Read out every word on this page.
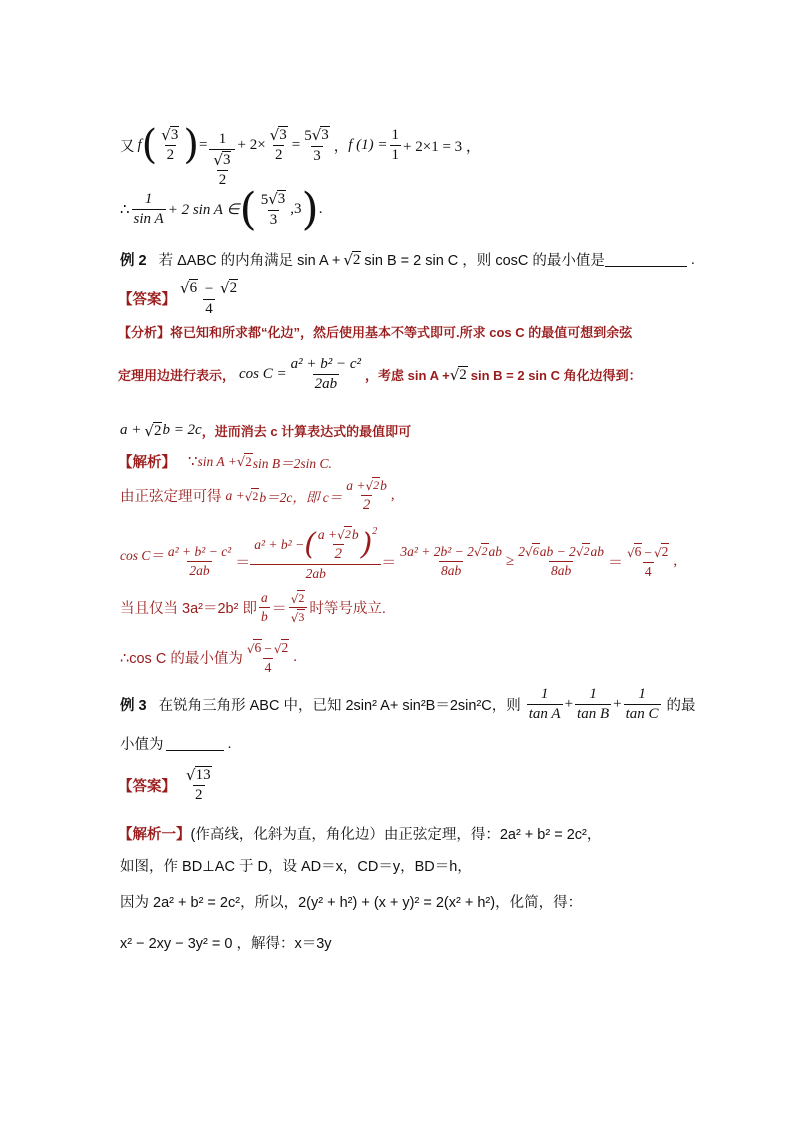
又 f ( $\frac{√ 3}{2}$ ) = $\frac{1}{\frac{√ 3}{2}} + 2\times \frac{√ 3}{2} = \frac{5 √ 3}{3}$ ， f $(1) = \frac{1}{1} + 2\times 1 = 3$ ，
∴ $\frac{1}{\text{sin A}} + 2$ sin A ∈ ( $\frac{5 √ 3}{3} ,3$ ) .
例 2 若 ΔABC 的内角满足 sin A + √ 2 sin B = 2 sin C ，则 cosC 的最小值是	.
【答案】 $\frac{√ 6 - √ 2}{4}$
【分析】 将已知和所求都“化边”，然后使用基本不等式即可.所求 cos C 的最值可想到余弦
定理用边进行表示， $\cos C = \frac{\text{a² + b² − c²}}{2ab}$ ，考虑 sin A + √ 2 sin B = 2 sin C 角化边得到：
a + √ 2 b = 2c ，进而消去 c 计算表达式的最值即可
【解析】 ∵ sin A + √ 2 sin B＝2sin C.
由正弦定理可得 a + √ 2 b＝2c，即 $c= \frac{a + √ 2 b}{2}$ ,
$\cos C= \frac{\text{a² + b² − c²}}{2ab}$ ＝
a² + b² − ( $\frac{a + √ 2 b}{2}$ ) 2
2ab
＝ $\frac{\text{3a² + 2b² − 2 √ 2 ab}}{8ab} \ge \frac{2 √ 6 ab - 2 √ 2 ab}{8ab} = \frac{√ 6 - √ 2}{4}$ ,
当且仅当 3a²＝2b² 即 $\frac{a}{b} = \frac{√ 2}{√ 3}$ 时等号成立.
∴cos C 的最小值为 $\frac{√ 6 - √ 2}{4}$ .
例 3 在锐角三角形 ABC 中，已知 2sin² A+ sin²B＝2sin²C，则 $\frac{1}{\text{tan A}} + \frac{1}{\text{tan B}} + \frac{1}{\text{tan C}}$ 的最
小值为	.
【答案】 $\frac{√ 13}{2}$
【解析一】 (作高线，化斜为直，角化边）由正弦定理，得：2a² + b² = 2c²，
如图，作 BD⊥AC 于 D，设 AD＝x，CD＝y，BD＝h，
因为 2a² + b² = 2c²，所以，2(y² + h²) + (x + y)² = 2(x² + h²)，化简，得：
x² − 2xy − 3y² = 0 ，解得：x＝3y
